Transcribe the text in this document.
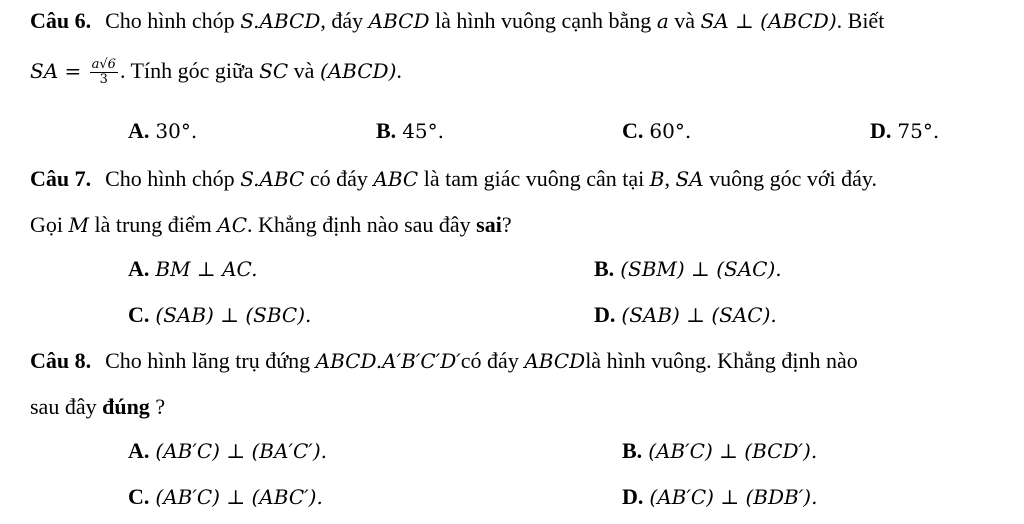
Câu 6. Cho hình chóp S.ABCD, đáy ABCD là hình vuông cạnh bằng a và SA ⊥ (ABCD). Biết
SA = $\frac{a√6}{3}$ . Tính góc giữa SC và (ABCD).
A. 30°.	B. 45°.	C. 60°.	D. 75°.
Câu 7. Cho hình chóp S.ABC có đáy ABC là tam giác vuông cân tại B, SA vuông góc với đáy.
Gọi M là trung điểm AC. Khẳng định nào sau đây sai?
A. BM ⊥ AC.	B. (SBM) ⊥ (SAC).
C. (SAB) ⊥ (SBC).	D. (SAB) ⊥ (SAC).
Câu 8. Cho hình lăng trụ đứng ABCD.A′B′C′D′có đáy ABCDlà hình vuông. Khẳng định nào
sau đây đúng ?
A. (AB′C) ⊥ (BA′C′).	B. (AB′C) ⊥ (BCD′).
C. (AB′C) ⊥ (ABC′).	D. (AB′C) ⊥ (BDB′).
